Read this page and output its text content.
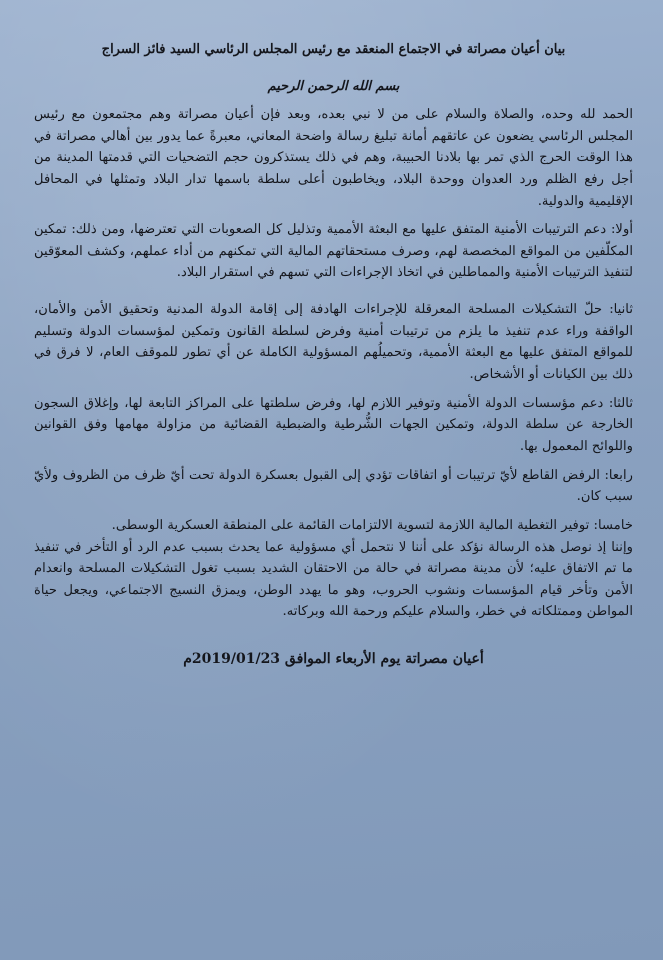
بيان أعيان مصراتة في الاجتماع المنعقد مع رئيس المجلس الرئاسي السيد فائز السراج
بسم الله الرحمن الرحيم

الحمد لله وحده، والصلاة والسلام على من لا نبي بعده، وبعد فإن أعيان مصراتة وهم مجتمعون مع رئيس المجلس الرئاسي يضعون عن عاتقهم أمانة تبليغ رسالة واضحة المعاني، معبرةً عما يدور بين أهالي مصراتة في هذا الوقت الحرج الذي تمر بها بلادنا الحبيبة، وهم في ذلك يستذكرون حجم التضحيات التي قدمتها المدينة من أجل رفع الظلم ورد العدوان ووحدة البلاد، ويخاطبون أعلى سلطة باسمها تدار البلاد وتمثلها في المحافل الإقليمية والدولية.

أولا: دعم الترتيبات الأمنية المتفق عليها مع البعثة الأممية وتذليل كل الصعوبات التي تعترضها، ومن ذلك: تمكين المكلّفين من المواقع المخصصة لهم، وصرف مستحقاتهم المالية التي تمكنهم من أداء عملهم، وكشف المعوّقين لتنفيذ الترتيبات الأمنية والمماطلين في اتخاذ الإجراءات التي تسهم في استقرار البلاد.

ثانيا: حلّ التشكيلات المسلحة المعرقلة للإجراءات الهادفة إلى إقامة الدولة المدنية وتحقيق الأمن والأمان، الواقفة وراء عدم تنفيذ ما يلزم من ترتيبات أمنية وفرض لسلطة القانون وتمكين لمؤسسات الدولة وتسليم للمواقع المتفق عليها مع البعثة الأممية، وتحميلُهم المسؤولية الكاملة عن أي تطور للموقف العام، لا فرق في ذلك بين الكيانات أو الأشخاص.

ثالثا: دعم مؤسسات الدولة الأمنية وتوفير اللازم لها، وفرض سلطتها على المراكز التابعة لها، وإغلاق السجون الخارجة عن سلطة الدولة، وتمكين الجهات الشُّرطية والضبطية القضائية من مزاولة مهامها وفق القوانين واللوائح المعمول بها.

رابعا: الرفض القاطع لأيّ ترتيبات أو اتفاقات تؤدي إلى القبول بعسكرة الدولة تحت أيّ ظرف من الظروف ولأيّ سبب كان.

خامسا: توفير التغطية المالية اللازمة لتسوية الالتزامات القائمة على المنطقة العسكرية الوسطى.

وإننا إذ نوصل هذه الرسالة نؤكد على أننا لا نتحمل أي مسؤولية عما يحدث بسبب عدم الرد أو التأخر في تنفيذ ما تم الاتفاق عليه؛ لأن مدينة مصراتة في حالة من الاحتقان الشديد بسبب تغول التشكيلات المسلحة وانعدام الأمن وتأخر قيام المؤسسات ونشوب الحروب، وهو ما يهدد الوطن، ويمزق النسيج الاجتماعي، ويجعل حياة المواطن وممتلكاته في خطر، والسلام عليكم ورحمة الله وبركاته.

أعيان مصراتة يوم الأربعاء الموافق 2019/01/23م
